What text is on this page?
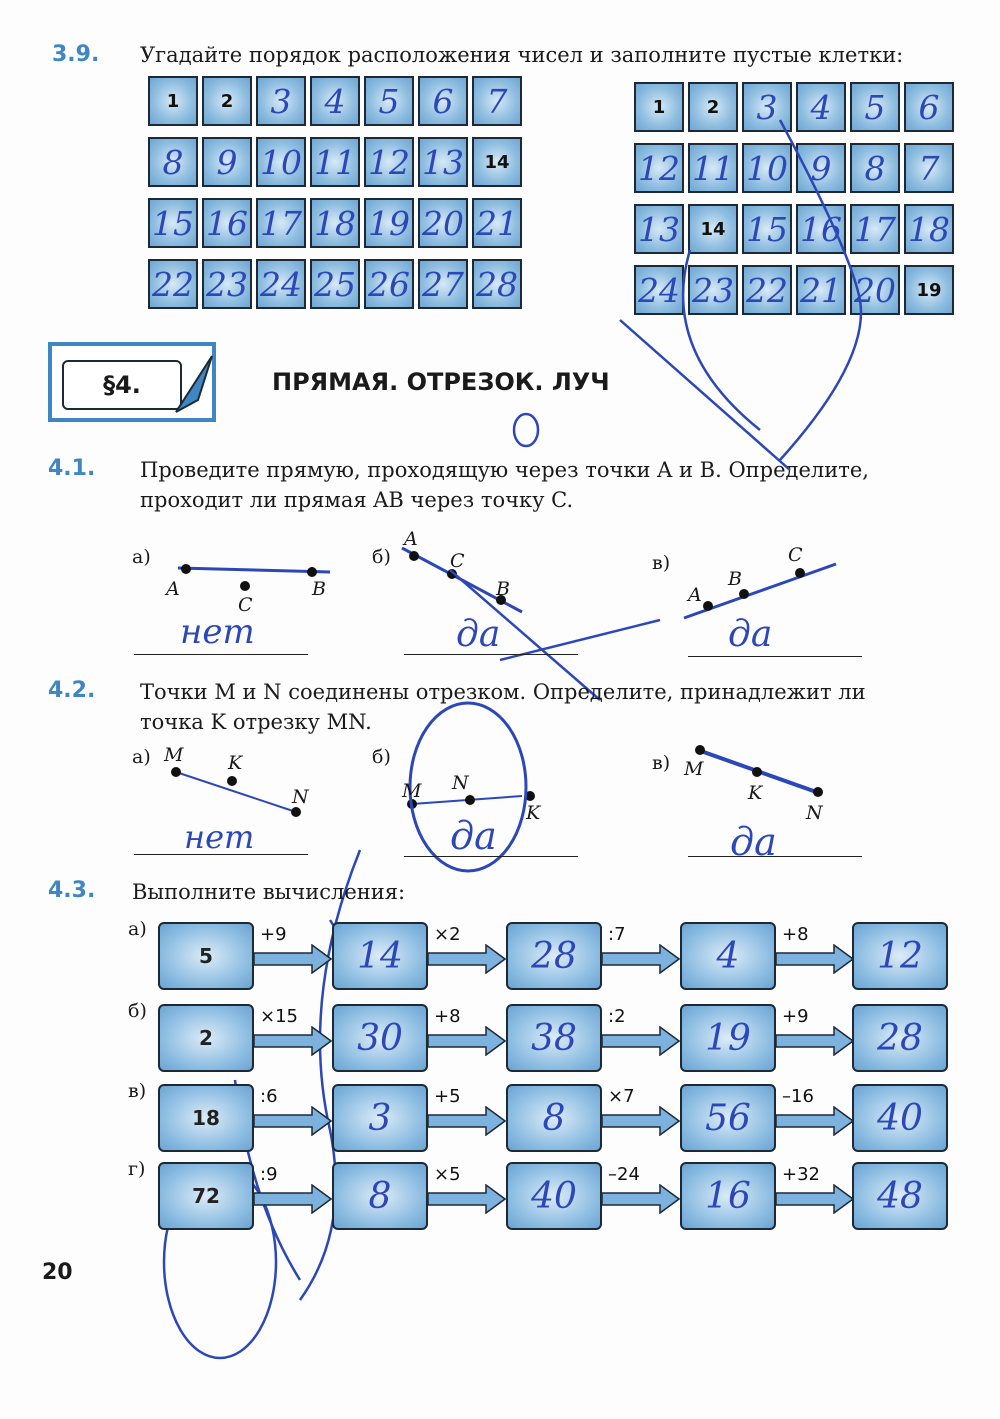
3.9. Угадайте порядок расположения чисел и заполните пустые клетки:
1 2 3 4 5 6 7
8 9 10 11 12 13 14
15 16 17 18 19 20 21
22 23 24 25 26 27 28
1 2 3 4 5 6
12 11 10 9 8 7
13 14 15 16 17 18
24 23 22 21 20 19
§4.	ПРЯМАЯ. ОТРЕЗОК. ЛУЧ
4.1. Проведите прямую, проходящую через точки A и B. Определите,
проходит ли прямая AB через точку C.
а)	б)	в)
A
C
B
A
C
B	A
B
C
нет	да	да
4.2. Точки M и N соединены отрезком. Определите, принадлежит ли
точка K отрезку MN.
а)	б)	в)
M K
N	M N
K
M
K
N
нет	да	да
4.3. Выполните вычисления:
а)
5
+9
14
×2
28
:7
4
+8
12
б)
2
×15
30
+8
38
:2
19
+9
28
в)
18
:6
3
+5
8
×7
56
–16
40
г)
72
:9
8
×5
40
–24
16
+32
48
20
